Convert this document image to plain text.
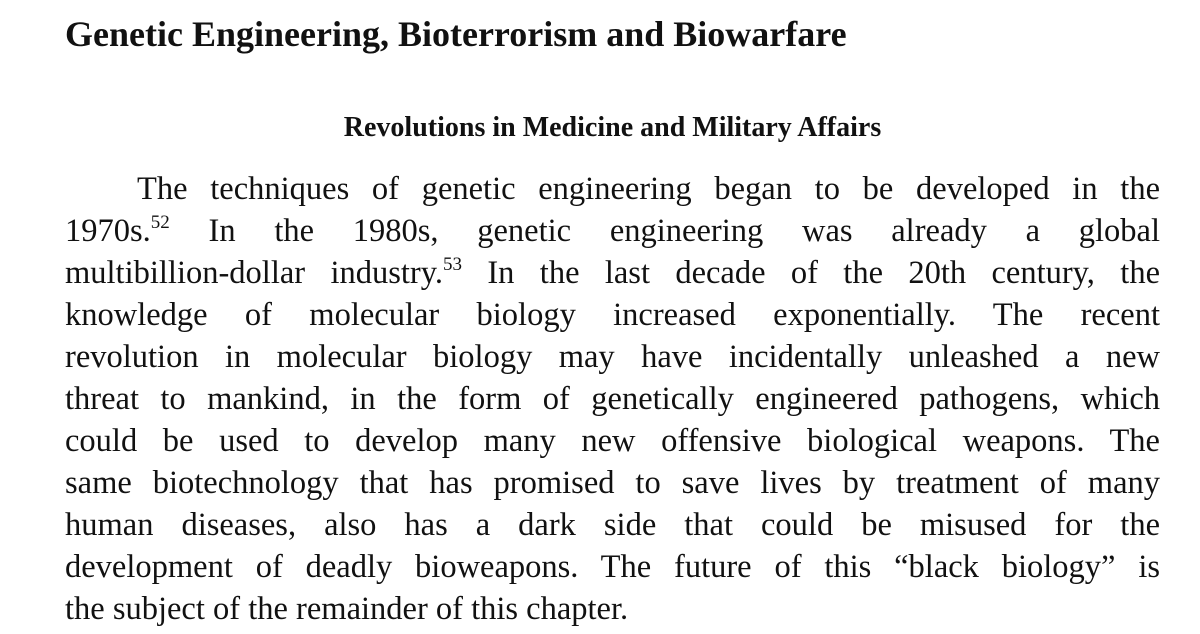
Genetic Engineering, Bioterrorism and Biowarfare
Revolutions in Medicine and Military Affairs
The techniques of genetic engineering began to be developed in the
1970s.$^{52}$ In the 1980s, genetic engineering was already a global
multibillion-dollar industry.$^{53}$ In the last decade of the 20th century, the
knowledge of molecular biology increased exponentially. The recent
revolution in molecular biology may have incidentally unleashed a new
threat to mankind, in the form of genetically engineered pathogens, which
could be used to develop many new offensive biological weapons. The
same biotechnology that has promised to save lives by treatment of many
human diseases, also has a dark side that could be misused for the
development of deadly bioweapons. The future of this “black biology” is
the subject of the remainder of this chapter.
